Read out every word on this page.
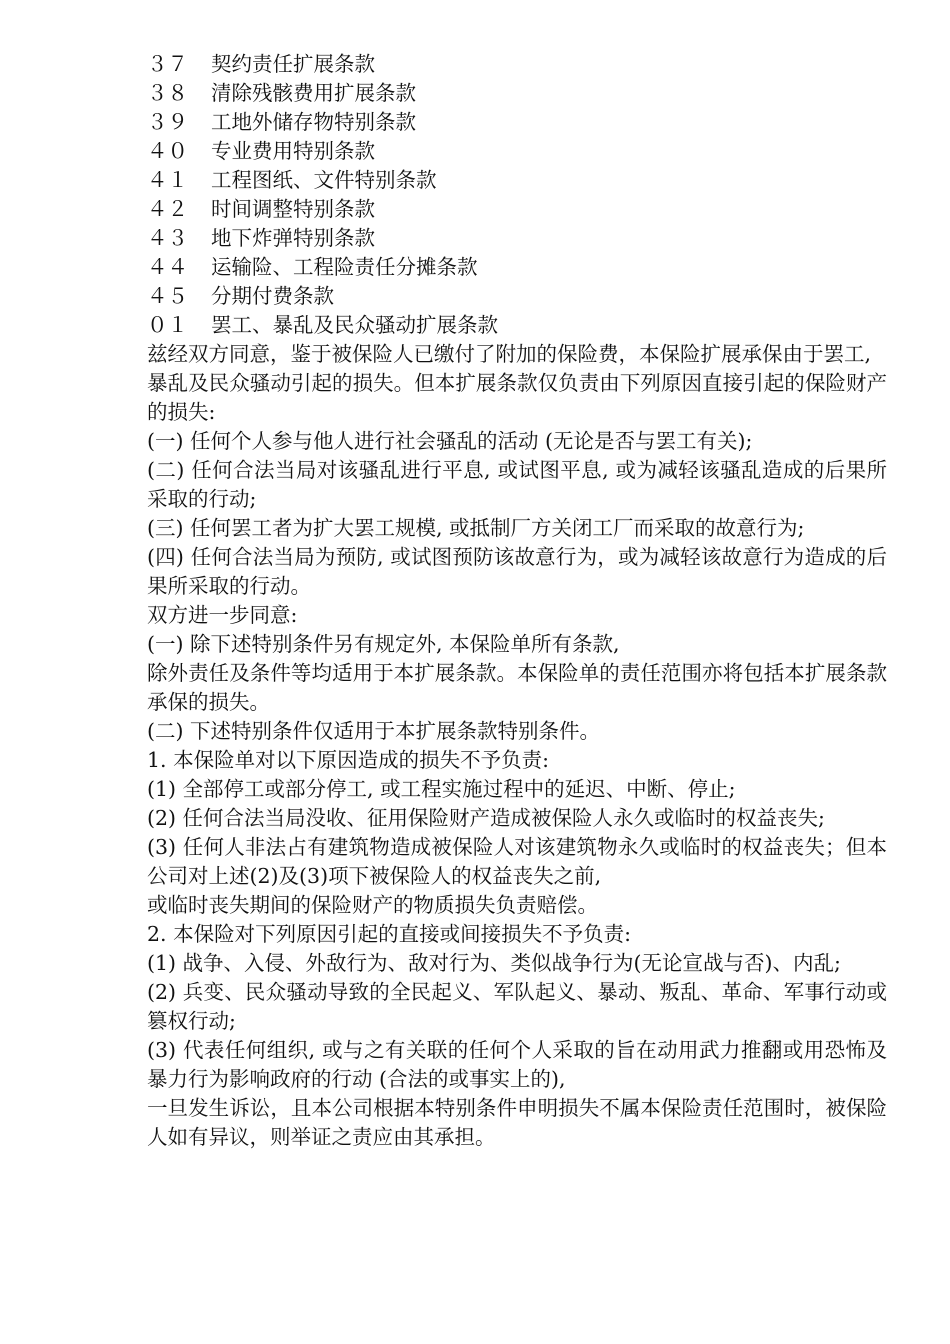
３７	契约责任扩展条款
３８	清除残骸费用扩展条款
３９	工地外储存物特别条款
４０	专业费用特别条款
４１	工程图纸、文件特别条款
４２	时间调整特别条款
４３	地下炸弹特别条款
４４	运输险、工程险责任分摊条款
４５	分期付费条款
０１	罢工、暴乱及民众骚动扩展条款

兹经双方同意，鉴于被保险人已缴付了附加的保险费，本保险扩展承保由于罢工,

暴乱及民众骚动引起的损失。但本扩展条款仅负责由下列原因直接引起的保险财产的损失:

(一) 任何个人参与他人进行社会骚乱的活动 (无论是否与罢工有关);

(二) 任何合法当局对该骚乱进行平息, 或试图平息, 或为减轻该骚乱造成的后果所采取的行动;

(三) 任何罢工者为扩大罢工规模, 或抵制厂方关闭工厂而采取的故意行为;

(四) 任何合法当局为预防, 或试图预防该故意行为，或为减轻该故意行为造成的后果所采取的行动。

双方进一步同意:

(一) 除下述特别条件另有规定外, 本保险单所有条款,

除外责任及条件等均适用于本扩展条款。本保险单的责任范围亦将包括本扩展条款承保的损失。

(二) 下述特别条件仅适用于本扩展条款特别条件。

1. 本保险单对以下原因造成的损失不予负责:

(1) 全部停工或部分停工, 或工程实施过程中的延迟、中断、停止;

(2) 任何合法当局没收、征用保险财产造成被保险人永久或临时的权益丧失;

(3) 任何人非法占有建筑物造成被保险人对该建筑物永久或临时的权益丧失；但本公司对上述(2)及(3)项下被保险人的权益丧失之前,

或临时丧失期间的保险财产的物质损失负责赔偿。

2. 本保险对下列原因引起的直接或间接损失不予负责:

(1) 战争、入侵、外敌行为、敌对行为、类似战争行为(无论宣战与否)、内乱;

(2) 兵变、民众骚动导致的全民起义、军队起义、暴动、叛乱、革命、军事行动或篡权行动;

(3) 代表任何组织, 或与之有关联的任何个人采取的旨在动用武力推翻或用恐怖及暴力行为影响政府的行动 (合法的或事实上的),

一旦发生诉讼，且本公司根据本特别条件申明损失不属本保险责任范围时，被保险人如有异议，则举证之责应由其承担。
